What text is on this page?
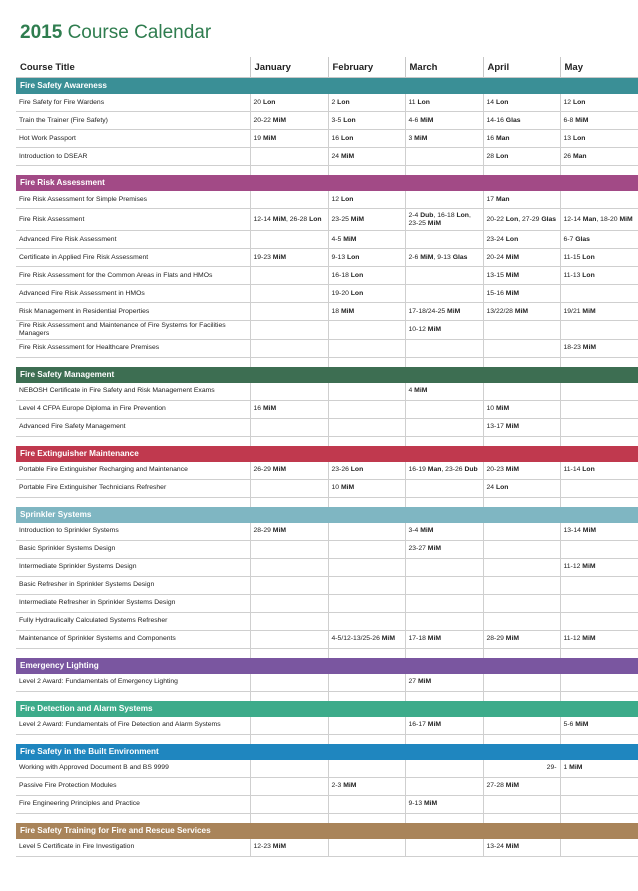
2015 Course Calendar
Course Title	January	February	March	April	May
Fire Safety Awareness					
Fire Safety for Fire Wardens	20 Lon	2 Lon	11 Lon	14 Lon	12 Lon
Train the Trainer (Fire Safety)	20-22 MiM	3-5 Lon	4-6 MiM	14-16 Glas	6-8 MiM
Hot Work Passport	19 MiM	16 Lon	3 MiM	16 Man	13 Lon
Introduction to DSEAR		24 MiM		28 Lon	26 Man

Fire Risk Assessment					
Fire Risk Assessment for Simple Premises		12 Lon		17 Man	
Fire Risk Assessment	12-14 MiM, 26-28 Lon	23-25 MiM	2-4 Dub, 16-18 Lon, 23-25 MiM	20-22 Lon, 27-29 Glas	12-14 Man, 18-20 MiM
Advanced Fire Risk Assessment		4-5 MiM		23-24 Lon	6-7 Glas
Certificate in Applied Fire Risk Assessment	19-23 MiM	9-13 Lon	2-6 MiM, 9-13 Glas	20-24 MiM	11-15 Lon
Fire Risk Assessment for the Common Areas in Flats and HMOs		16-18 Lon		13-15 MiM	11-13 Lon
Advanced Fire Risk Assessment in HMOs		19-20 Lon		15-16 MiM	
Risk Management in Residential Properties		18 MiM	17-18/24-25 MiM	13/22/28 MiM	19/21 MiM
Fire Risk Assessment and Maintenance of Fire Systems for Facilities Managers			10-12 MiM		
Fire Risk Assessment for Healthcare Premises					18-23 MiM

Fire Safety Management					
NEBOSH Certificate in Fire Safety and Risk Management Exams			4 MiM		
Level 4 CFPA Europe Diploma in Fire Prevention	16 MiM			10 MiM	
Advanced Fire Safety Management				13-17 MiM	

Fire Extinguisher Maintenance					
Portable Fire Extinguisher Recharging and Maintenance	26-29 MiM	23-26 Lon	16-19 Man, 23-26 Dub	20-23 MiM	11-14 Lon
Portable Fire Extinguisher Technicians Refresher		10 MiM		24 Lon	

Sprinkler Systems					
Introduction to Sprinkler Systems	28-29 MiM		3-4 MiM		13-14 MiM
Basic Sprinkler Systems Design			23-27 MiM		
Intermediate Sprinkler Systems Design					11-12 MiM
Basic Refresher in Sprinkler Systems Design					
Intermediate Refresher in Sprinkler Systems Design					
Fully Hydraulically Calculated Systems Refresher					
Maintenance of Sprinkler Systems and Components		4-5/12-13/25-26 MiM	17-18 MiM	28-29 MiM	11-12 MiM

Emergency Lighting					
Level 2 Award: Fundamentals of Emergency Lighting			27 MiM		

Fire Detection and Alarm Systems					
Level 2 Award: Fundamentals of Fire Detection and Alarm Systems			16-17 MiM		5-6 MiM

Fire Safety in the Built Environment					
Working with Approved Document B and BS 9999				29-	1 MiM
Passive Fire Protection Modules		2-3 MiM		27-28 MiM	
Fire Engineering Principles and Practice			9-13 MiM		

Fire Safety Training for Fire and Rescue Services					
Level 5 Certificate in Fire Investigation	12-23 MiM			13-24 MiM	
